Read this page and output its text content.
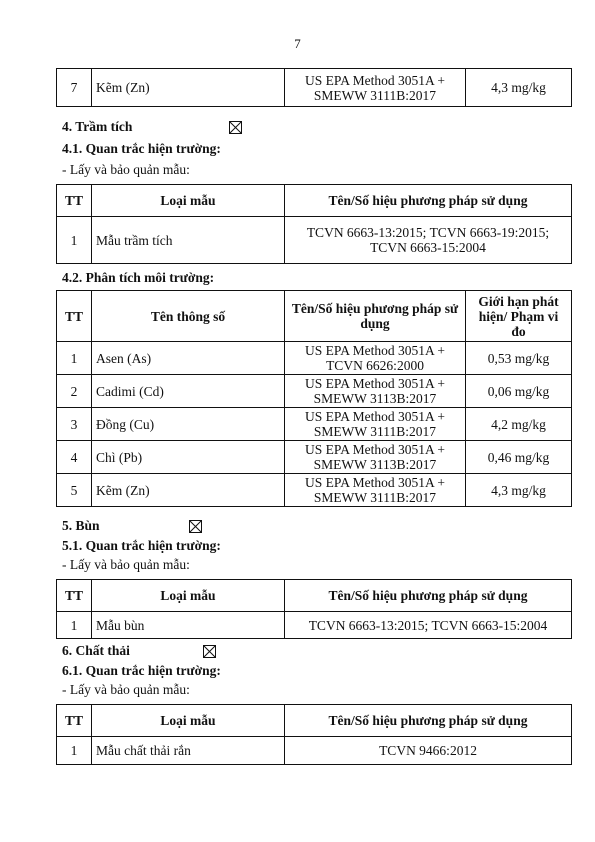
7
7	Kẽm (Zn)	US EPA Method 3051A + SMEWW 3111B:2017	4,3 mg/kg
4. Trầm tích
4.1. Quan trắc hiện trường:
- Lấy và bảo quản mẫu:
TT	Loại mẫu	Tên/Số hiệu phương pháp sử dụng
1	Mẫu trầm tích	TCVN 6663-13:2015; TCVN 6663-19:2015; TCVN 6663-15:2004
4.2. Phân tích môi trường:
TT	Tên thông số	Tên/Số hiệu phương pháp sử dụng	Giới hạn phát hiện/ Phạm vi đo
1	Asen (As)	US EPA Method 3051A + TCVN 6626:2000	0,53 mg/kg
2	Cadimi (Cd)	US EPA Method 3051A + SMEWW 3113B:2017	0,06 mg/kg
3	Đồng (Cu)	US EPA Method 3051A + SMEWW 3111B:2017	4,2 mg/kg
4	Chì (Pb)	US EPA Method 3051A + SMEWW 3113B:2017	0,46 mg/kg
5	Kẽm (Zn)	US EPA Method 3051A + SMEWW 3111B:2017	4,3 mg/kg
5. Bùn
5.1. Quan trắc hiện trường:
- Lấy và bảo quản mẫu:
TT	Loại mẫu	Tên/Số hiệu phương pháp sử dụng
1	Mẫu bùn	TCVN 6663-13:2015; TCVN 6663-15:2004
6. Chất thải
6.1. Quan trắc hiện trường:
- Lấy và bảo quản mẫu:
TT	Loại mẫu	Tên/Số hiệu phương pháp sử dụng
1	Mẫu chất thải rắn	TCVN 9466:2012
